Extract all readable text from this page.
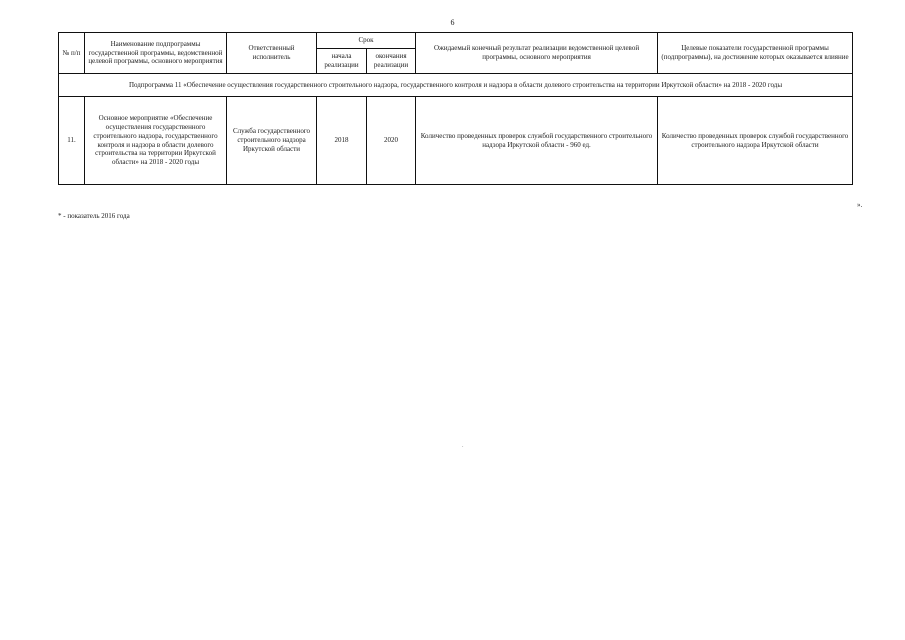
6
№ п/п	Наименование подпрограммы государственной программы, ведомственной целевой программы, основного мероприятия	Ответственный исполнитель	Срок		Ожидаемый конечный результат реализации ведомственной целевой программы, основного мероприятия	Целевые показатели государственной программы (подпрограммы), на достижение которых оказывается влияние
			начала реализации	окончания реализации		
Подпрограмма 11 «Обеспечение осуществления государственного строительного надзора, государственного контроля и надзора в области долевого строительства на территории Иркутской области» на 2018 - 2020 годы						
11.	Основное мероприятие «Обеспечение осуществления государственного строительного надзора, государственного контроля и надзора в области долевого строительства на территории Иркутской области» на 2018 - 2020 годы	Служба государственного строительного надзора Иркутской области	2018	2020	Количество проведенных проверок службой государственного строительного надзора Иркутской области - 960 ед.	Количество проведенных проверок службой государственного строительного надзора Иркутской области
».
* - показатель 2016 года
.
